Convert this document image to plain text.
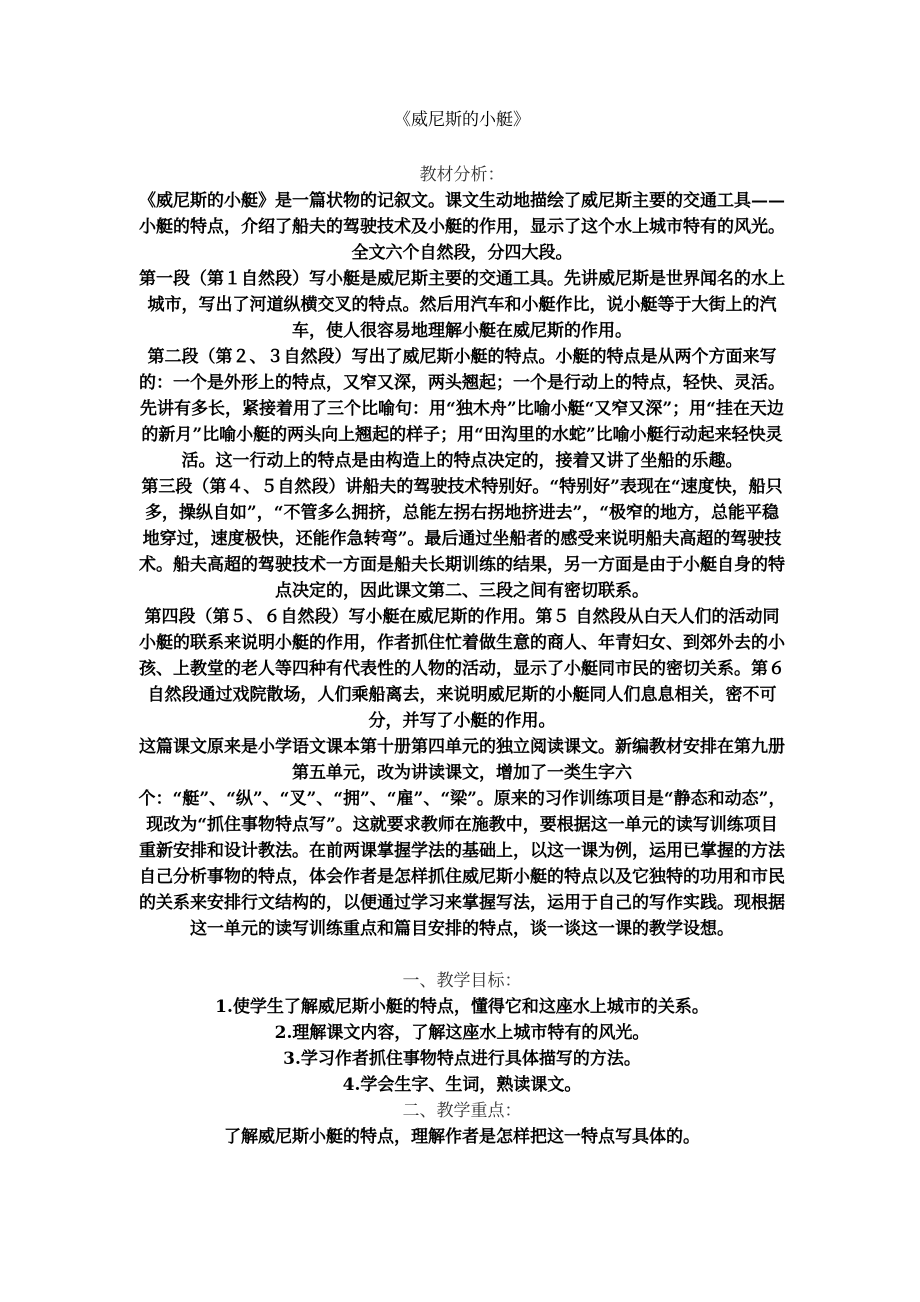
《威尼斯的小艇》

教材分析：

《威尼斯的小艇》是一篇状物的记叙文。课文生动地描绘了威尼斯主要的交通工具——小艇的特点，介绍了船夫的驾驶技术及小艇的作用，显示了这个水上城市特有的风光。

全文六个自然段，分四大段。

第一段（第１自然段）写小艇是威尼斯主要的交通工具。先讲威尼斯是世界闻名的水上城市，写出了河道纵横交叉的特点。然后用汽车和小艇作比，说小艇等于大街上的汽车，使人很容易地理解小艇在威尼斯的作用。

第二段（第２、３自然段）写出了威尼斯小艇的特点。小艇的特点是从两个方面来写的：一个是外形上的特点，又窄又深，两头翘起；一个是行动上的特点，轻快、灵活。先讲有多长，紧接着用了三个比喻句：用“独木舟”比喻小艇“又窄又深”；用“挂在天边的新月”比喻小艇的两头向上翘起的样子；用“田沟里的水蛇”比喻小艇行动起来轻快灵活。这一行动上的特点是由构造上的特点决定的，接着又讲了坐船的乐趣。

第三段（第４、５自然段）讲船夫的驾驶技术特别好。“特别好”表现在“速度快，船只多，操纵自如”，“不管多么拥挤，总能左拐右拐地挤进去”，“极窄的地方，总能平稳地穿过，速度极快，还能作急转弯”。最后通过坐船者的感受来说明船夫高超的驾驶技术。船夫高超的驾驶技术一方面是船夫长期训练的结果，另一方面是由于小艇自身的特点决定的，因此课文第二、三段之间有密切联系。

第四段（第５、６自然段）写小艇在威尼斯的作用。第５ 自然段从白天人们的活动同小艇的联系来说明小艇的作用，作者抓住忙着做生意的商人、年青妇女、到郊外去的小孩、上教堂的老人等四种有代表性的人物的活动，显示了小艇同市民的密切关系。第６自然段通过戏院散场，人们乘船离去，来说明威尼斯的小艇同人们息息相关，密不可分，并写了小艇的作用。

这篇课文原来是小学语文课本第十册第四单元的独立阅读课文。新编教材安排在第九册第五单元，改为讲读课文，增加了一类生字六个：“艇”、“纵”、“叉”、“拥”、“雇”、“梁”。原来的习作训练项目是“静态和动态”，现改为“抓住事物特点写”。这就要求教师在施教中，要根据这一单元的读写训练项目重新安排和设计教法。在前两课掌握学法的基础上，以这一课为例，运用已掌握的方法自己分析事物的特点，体会作者是怎样抓住威尼斯小艇的特点以及它独特的功用和市民的关系来安排行文结构的，以便通过学习来掌握写法，运用于自己的写作实践。现根据这一单元的读写训练重点和篇目安排的特点，谈一谈这一课的教学设想。

一、教学目标：

1.使学生了解威尼斯小艇的特点，懂得它和这座水上城市的关系。

2.理解课文内容，了解这座水上城市特有的风光。

3.学习作者抓住事物特点进行具体描写的方法。

4.学会生字、生词，熟读课文。

二、教学重点：

了解威尼斯小艇的特点，理解作者是怎样把这一特点写具体的。
